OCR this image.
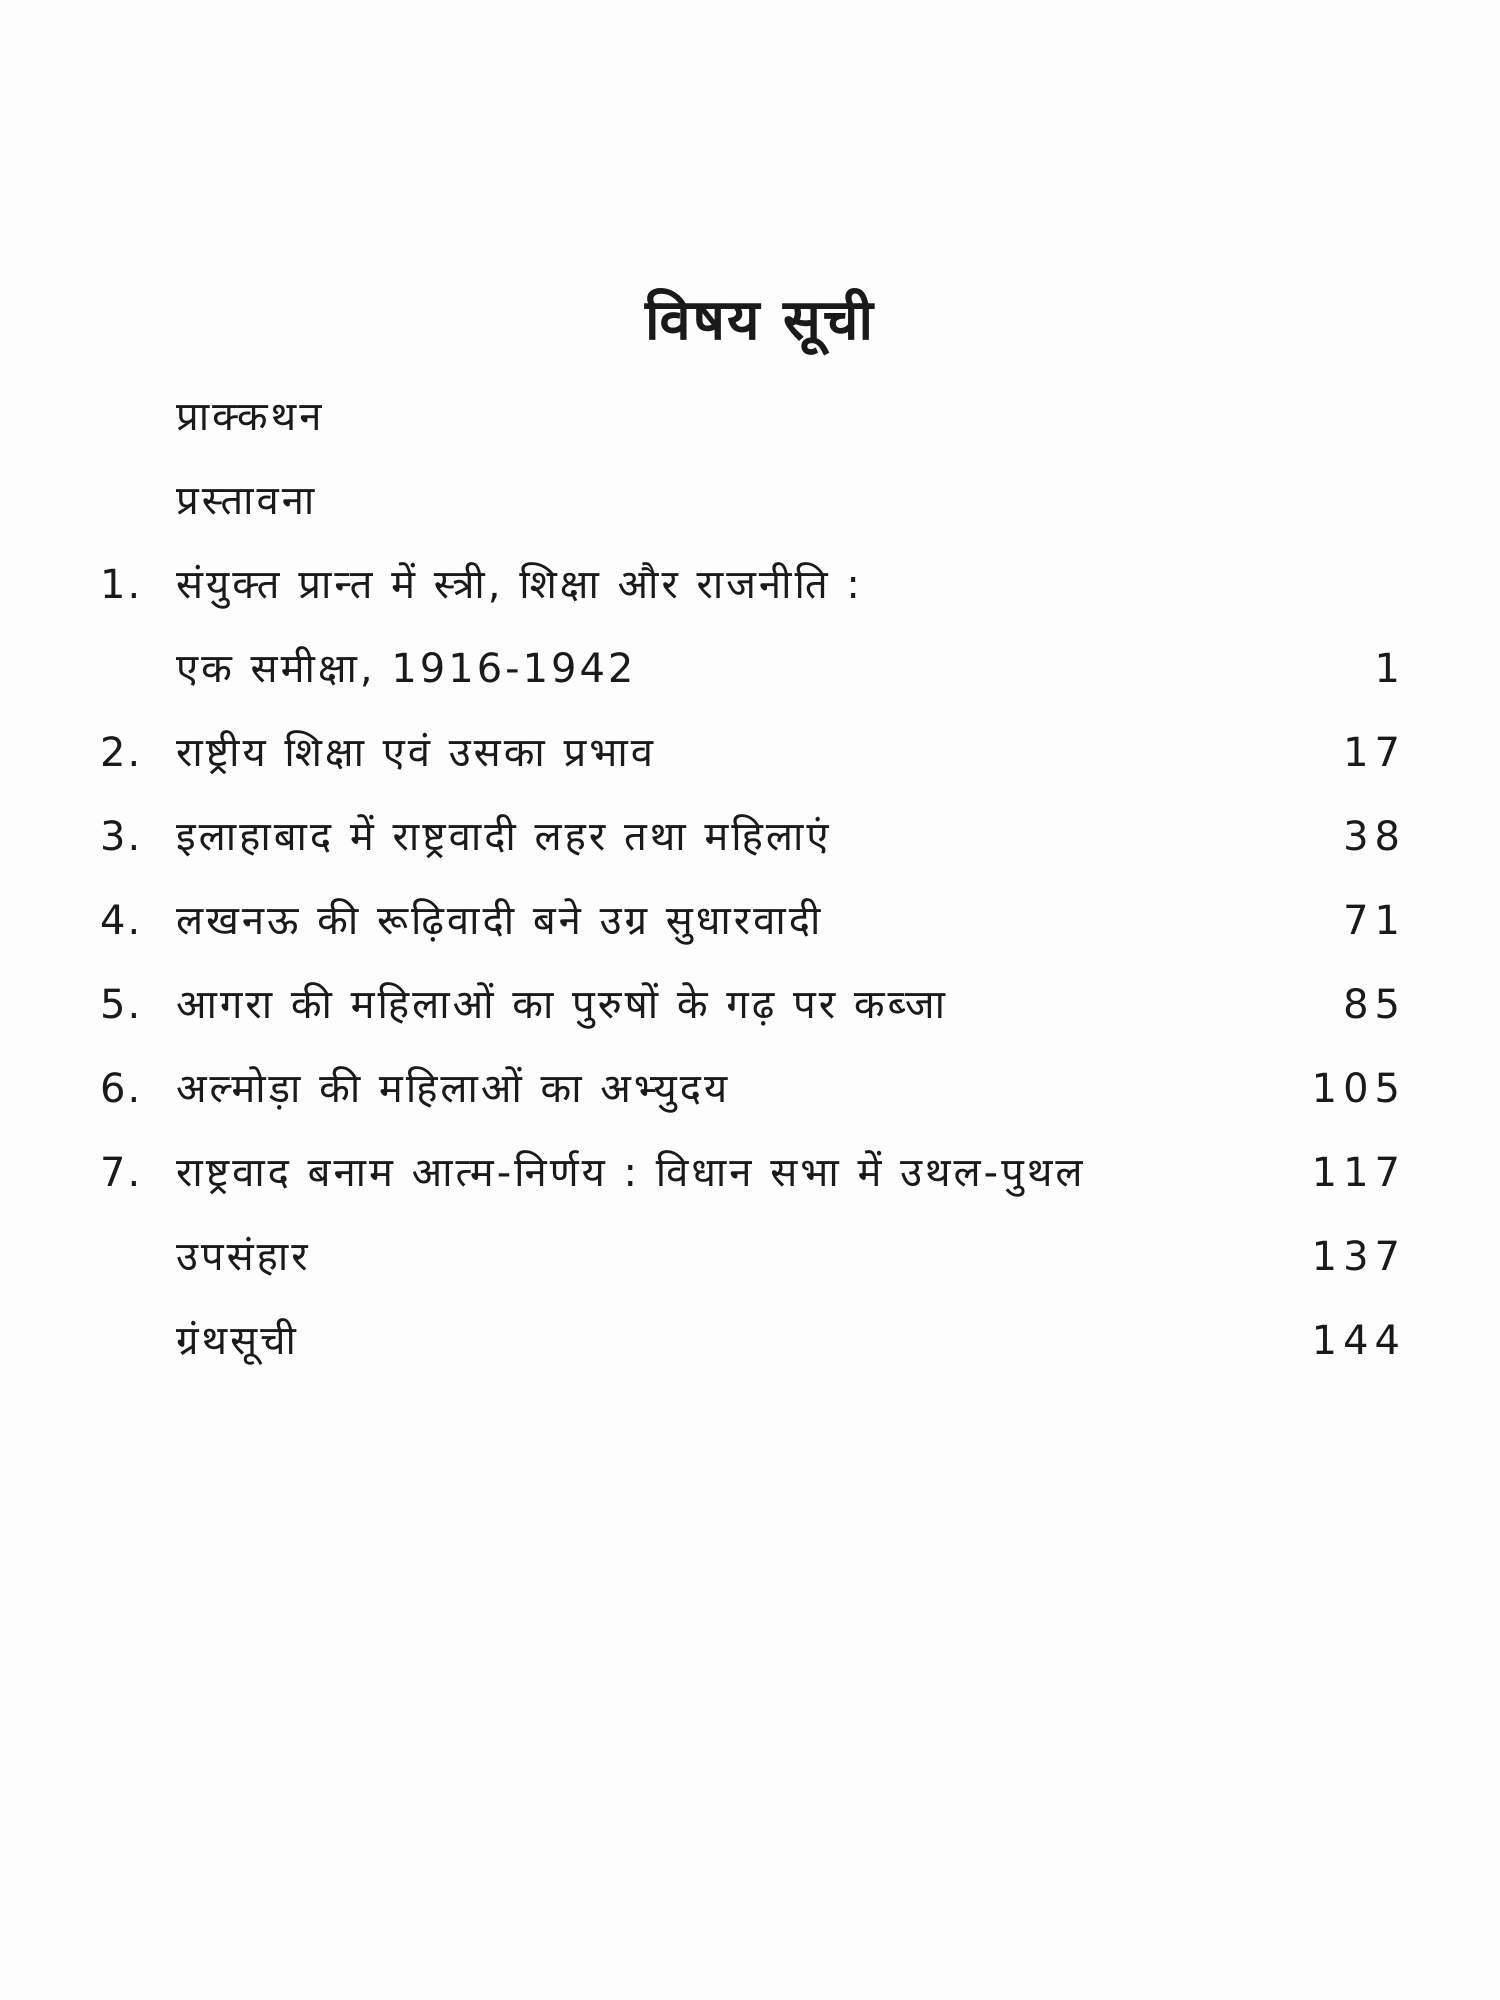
विषय सूची
प्राक्कथन
प्रस्तावना
1. संयुक्त प्रान्त में स्त्री, शिक्षा और राजनीति :
एक समीक्षा, 1916-1942	1
2. राष्ट्रीय शिक्षा एवं उसका प्रभाव	17
3. इलाहाबाद में राष्ट्रवादी लहर तथा महिलाएं	38
4. लखनऊ की रूढ़िवादी बने उग्र सुधारवादी	71
5. आगरा की महिलाओं का पुरुषों के गढ़ पर कब्जा	85
6. अल्मोड़ा की महिलाओं का अभ्युदय	105
7. राष्ट्रवाद बनाम आत्म-निर्णय : विधान सभा में उथल-पुथल	117
उपसंहार	137
ग्रंथसूची	144
